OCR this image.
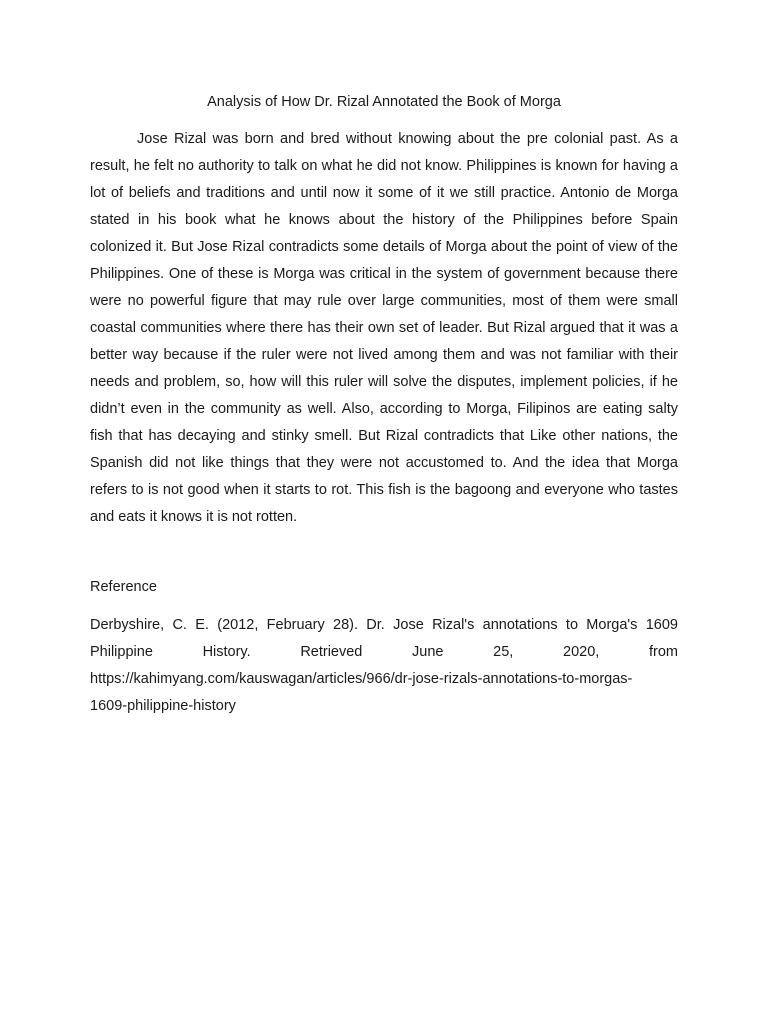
Analysis of How Dr. Rizal Annotated the Book of Morga

Jose Rizal was born and bred without knowing about the pre colonial past. As a result, he felt no authority to talk on what he did not know. Philippines is known for having a lot of beliefs and traditions and until now it some of it we still practice. Antonio de Morga stated in his book what he knows about the history of the Philippines before Spain colonized it. But Jose Rizal contradicts some details of Morga about the point of view of the Philippines. One of these is Morga was critical in the system of government because there were no powerful figure that may rule over large communities, most of them were small coastal communities where there has their own set of leader. But Rizal argued that it was a better way because if the ruler were not lived among them and was not familiar with their needs and problem, so, how will this ruler will solve the disputes, implement policies, if he didn’t even in the community as well. Also, according to Morga, Filipinos are eating salty fish that has decaying and stinky smell. But Rizal contradicts that Like other nations, the Spanish did not like things that they were not accustomed to. And the idea that Morga refers to is not good when it starts to rot. This fish is the bagoong and everyone who tastes and eats it knows it is not rotten.

Reference
Derbyshire, C. E. (2012, February 28). Dr. Jose Rizal's annotations to Morga's 1609
Philippine History. Retrieved June 25, 2020, from
https://kahimyang.com/kauswagan/articles/966/dr-jose-rizals-annotations-to-morgas-
1609-philippine-history
